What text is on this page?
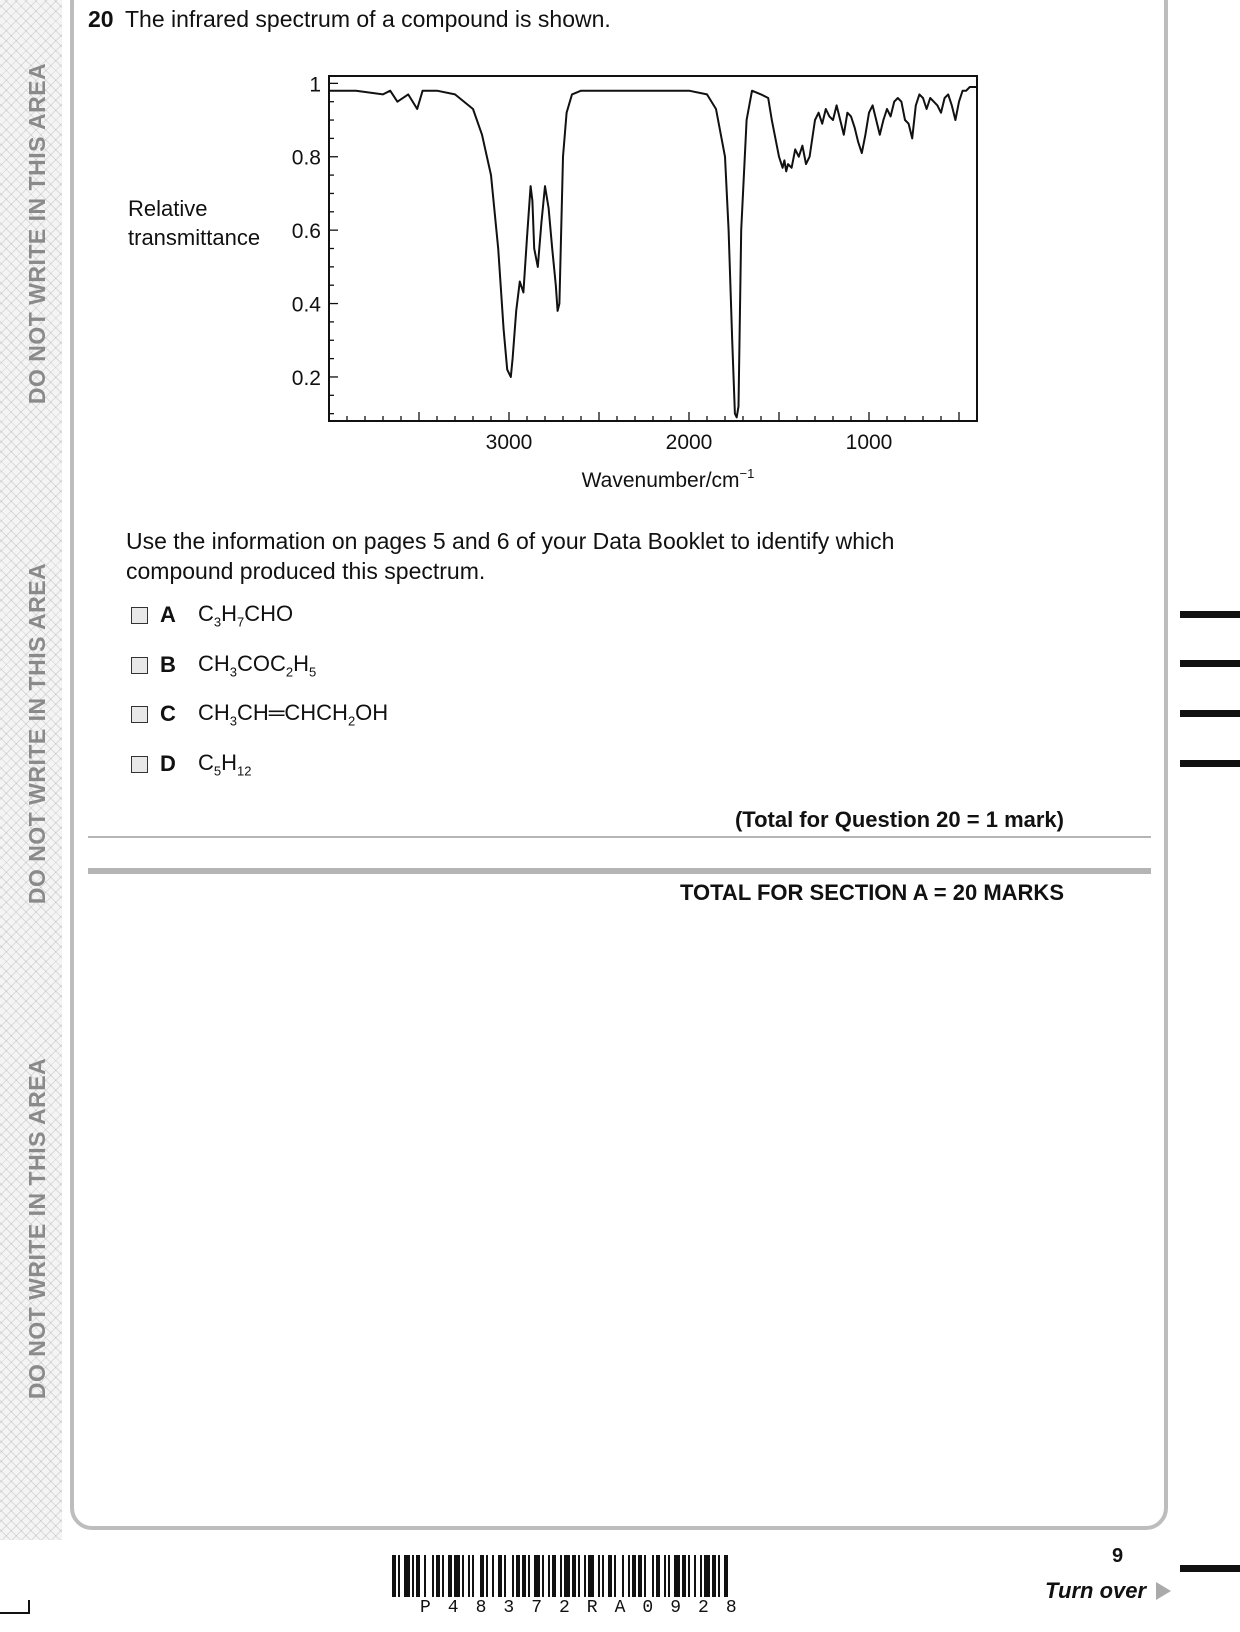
DO NOT WRITE IN THIS AREA
DO NOT WRITE IN THIS AREA
DO NOT WRITE IN THIS AREA
20 The infrared spectrum of a compound is shown.
Relative
transmittance
1
0.8
0.6
0.4
0.2
3000	2000	1000
Wavenumber/$cm^{-1}$
Use the information on pages 5 and 6 of your Data Booklet to identify which compound produced this spectrum.
A	$C_3H_7CHO$
B	$CH_3COC_2H_5$
C	$CH_3CH═CHCH_2OH$
D	$C_5H_{12}$
(Total for Question 20 = 1 mark)
TOTAL FOR SECTION A = 20 MARKS
P48372RA0928
9
Turn over
